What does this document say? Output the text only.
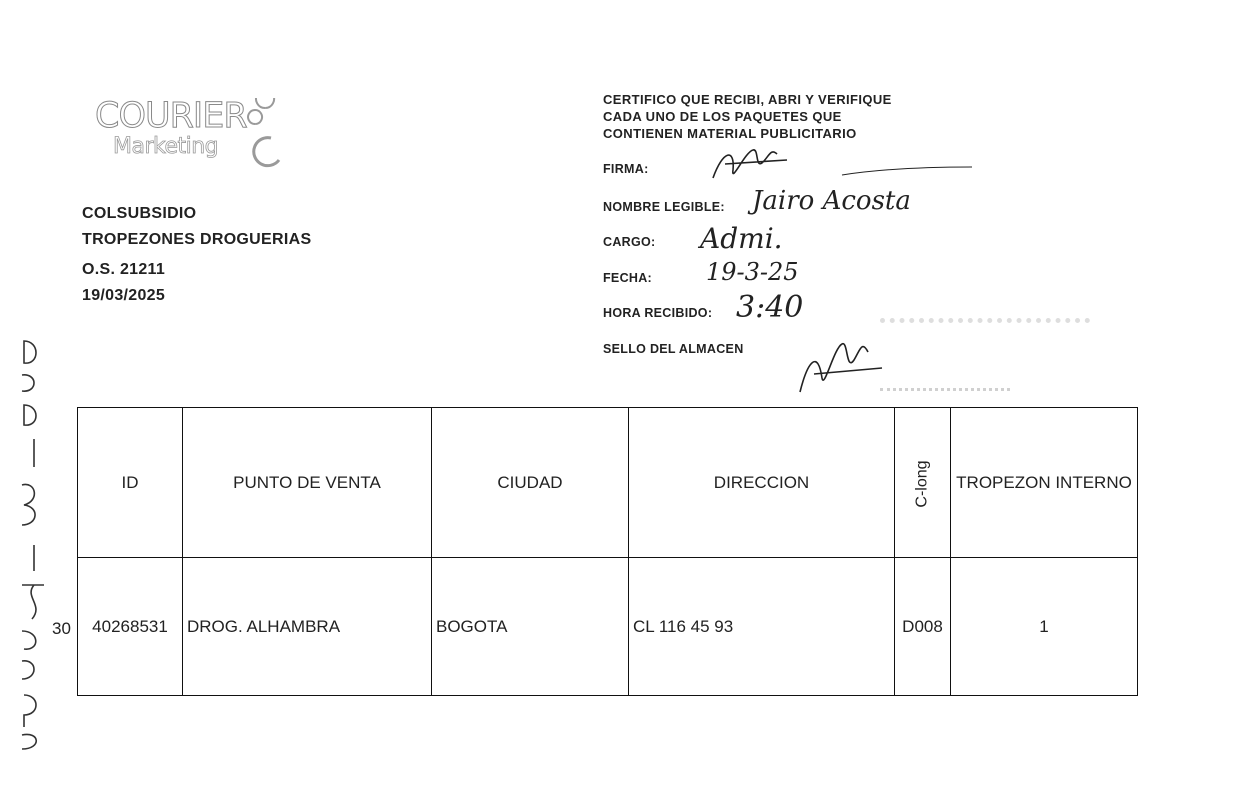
COURIER
Marketing
COLSUBSIDIO
TROPEZONES DROGUERIAS
O.S. 21211
19/03/2025
CERTIFICO QUE RECIBI, ABRI Y VERIFIQUE
CADA UNO DE LOS PAQUETES QUE
CONTIENEN MATERIAL PUBLICITARIO
FIRMA:
NOMBRE LEGIBLE: Jairo Acosta
CARGO: Admi.
FECHA: 19-3-25
HORA RECIBIDO: 3:40
SELLO DEL ALMACEN
30
ID	PUNTO DE VENTA	CIUDAD	DIRECCION	C-long	TROPEZON INTERNO
40268531	DROG. ALHAMBRA	BOGOTA	CL 116 45 93	D008	1
